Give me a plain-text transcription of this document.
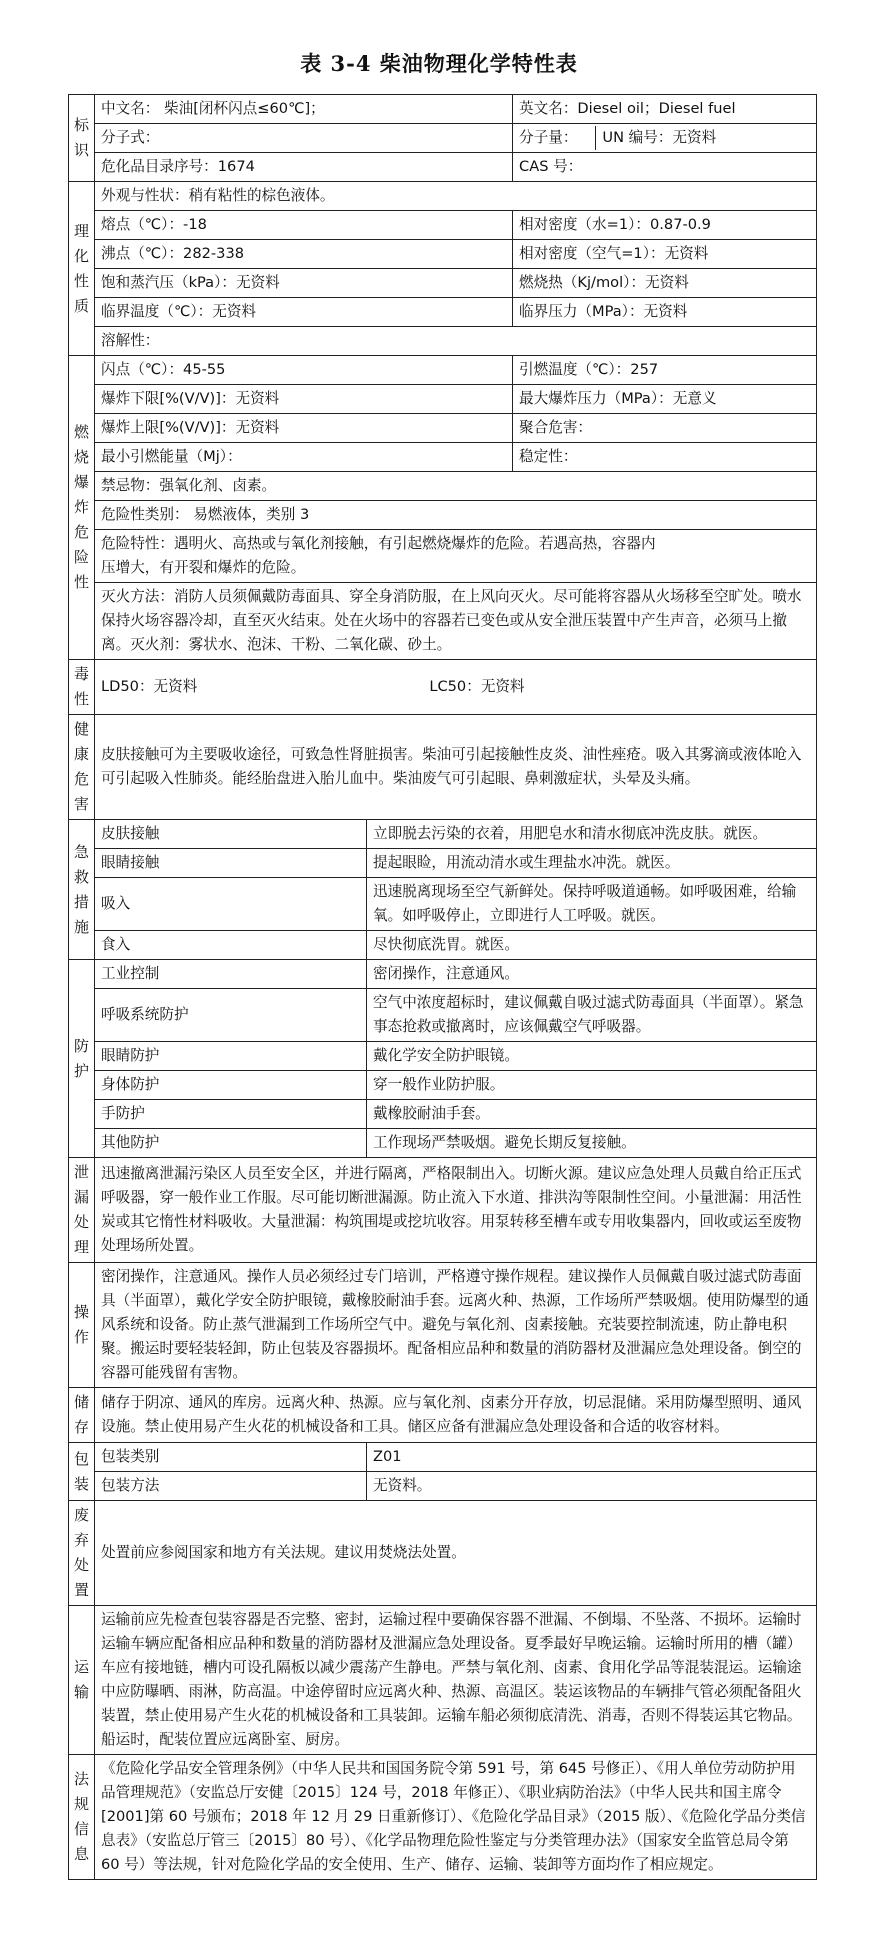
表 3-4 柴油物理化学特性表
标识	中文名： 柴油[闭杯闪点≤60℃]；		英文名：Diesel oil；Diesel fuel
	分子式：		分子量： UN 编号：无资料
	危化品目录序号：1674		CAS 号：
理化性质	外观与性状：稍有粘性的棕色液体。		
	熔点（℃）：-18		相对密度（水=1）：0.87-0.9
	沸点（℃）：282-338		相对密度（空气=1）：无资料
	饱和蒸汽压（kPa）：无资料		燃烧热（Kj/mol）：无资料
	临界温度（℃）：无资料		临界压力（MPa）：无资料
	溶解性：		
燃烧爆炸危险性	闪点（℃）：45-55		引燃温度（℃）：257
	爆炸下限[%(V/V)]：无资料		最大爆炸压力（MPa）：无意义
	爆炸上限[%(V/V)]：无资料		聚合危害：
	最小引燃能量（Mj）：		稳定性：
	禁忌物：强氧化剂、卤素。		
	危险性类别： 易燃液体，类别 3		
	危险特性：遇明火、高热或与氧化剂接触，有引起燃烧爆炸的危险。若遇高热，容器内压增大，有开裂和爆炸的危险。		
	灭火方法：消防人员须佩戴防毒面具、穿全身消防服，在上风向灭火。尽可能将容器从火场移至空旷处。喷水保持火场容器冷却，直至灭火结束。处在火场中的容器若已变色或从安全泄压装置中产生声音，必须马上撤离。灭火剂：雾状水、泡沫、干粉、二氧化碳、砂土。		
毒性	LD50：无资料 LC50：无资料		
健康危害	皮肤接触可为主要吸收途径，可致急性肾脏损害。柴油可引起接触性皮炎、油性痤疮。吸入其雾滴或液体呛入可引起吸入性肺炎。能经胎盘进入胎儿血中。柴油废气可引起眼、鼻刺激症状，头晕及头痛。		
急救措施	皮肤接触	立即脱去污染的衣着，用肥皂水和清水彻底冲洗皮肤。就医。	
	眼睛接触	提起眼睑，用流动清水或生理盐水冲洗。就医。	
	吸入	迅速脱离现场至空气新鲜处。保持呼吸道通畅。如呼吸困难，给输氧。如呼吸停止，立即进行人工呼吸。就医。	
	食入	尽快彻底洗胃。就医。	
防护	工业控制	密闭操作，注意通风。	
	呼吸系统防护	空气中浓度超标时，建议佩戴自吸过滤式防毒面具（半面罩）。紧急事态抢救或撤离时，应该佩戴空气呼吸器。	
	眼睛防护	戴化学安全防护眼镜。	
	身体防护	穿一般作业防护服。	
	手防护	戴橡胶耐油手套。	
	其他防护	工作现场严禁吸烟。避免长期反复接触。	
泄漏处理	迅速撤离泄漏污染区人员至安全区，并进行隔离，严格限制出入。切断火源。建议应急处理人员戴自给正压式呼吸器，穿一般作业工作服。尽可能切断泄漏源。防止流入下水道、排洪沟等限制性空间。小量泄漏：用活性炭或其它惰性材料吸收。大量泄漏：构筑围堤或挖坑收容。用泵转移至槽车或专用收集器内，回收或运至废物处理场所处置。		
操作	密闭操作，注意通风。操作人员必须经过专门培训，严格遵守操作规程。建议操作人员佩戴自吸过滤式防毒面具（半面罩），戴化学安全防护眼镜，戴橡胶耐油手套。远离火种、热源，工作场所严禁吸烟。使用防爆型的通风系统和设备。防止蒸气泄漏到工作场所空气中。避免与氧化剂、卤素接触。充装要控制流速，防止静电积聚。搬运时要轻装轻卸，防止包装及容器损坏。配备相应品种和数量的消防器材及泄漏应急处理设备。倒空的容器可能残留有害物。		
储存	储存于阴凉、通风的库房。远离火种、热源。应与氧化剂、卤素分开存放，切忌混储。采用防爆型照明、通风设施。禁止使用易产生火花的机械设备和工具。储区应备有泄漏应急处理设备和合适的收容材料。		
包装	包装类别	Z01	
	包装方法	无资料。	
废弃处置	处置前应参阅国家和地方有关法规。建议用焚烧法处置。		
运输	运输前应先检查包装容器是否完整、密封，运输过程中要确保容器不泄漏、不倒塌、不坠落、不损坏。运输时运输车辆应配备相应品种和数量的消防器材及泄漏应急处理设备。夏季最好早晚运输。运输时所用的槽（罐）车应有接地链，槽内可设孔隔板以减少震荡产生静电。严禁与氧化剂、卤素、食用化学品等混装混运。运输途中应防曝晒、雨淋，防高温。中途停留时应远离火种、热源、高温区。装运该物品的车辆排气管必须配备阻火装置，禁止使用易产生火花的机械设备和工具装卸。运输车船必须彻底清洗、消毒，否则不得装运其它物品。船运时，配装位置应远离卧室、厨房。		
法规信息	《危险化学品安全管理条例》（中华人民共和国国务院令第 591 号，第 645 号修正）、《用人单位劳动防护用品管理规范》（安监总厅安健〔2015〕124 号，2018 年修正）、《职业病防治法》（中华人民共和国主席令[2001]第 60 号颁布；2018 年 12 月 29 日重新修订）、《危险化学品目录》（2015 版）、《危险化学品分类信息表》（安监总厅管三〔2015〕80 号）、《化学品物理危险性鉴定与分类管理办法》（国家安全监管总局令第 60 号）等法规，针对危险化学品的安全使用、生产、储存、运输、装卸等方面均作了相应规定。		
